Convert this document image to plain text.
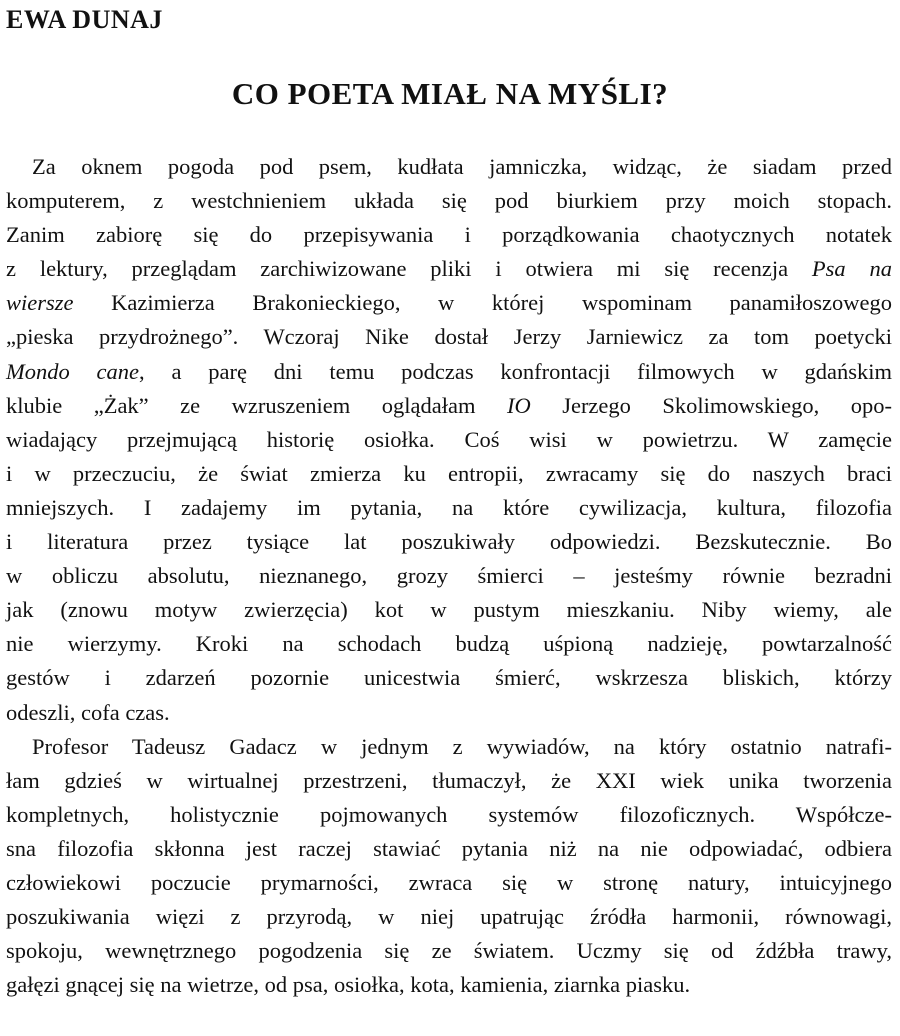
EWA DUNAJ
CO POETA MIAŁ NA MYŚLI?
Za oknem pogoda pod psem, kudłata jamniczka, widząc, że siadam przed
komputerem, z westchnieniem układa się pod biurkiem przy moich stopach.
Zanim zabiorę się do przepisywania i porządkowania chaotycznych notatek
z lektury, przeglądam zarchiwizowane pliki i otwiera mi się recenzja Psa na
wiersze Kazimierza Brakonieckiego, w której wspominam panamiłoszowego
„pieska przydrożnego”. Wczoraj Nike dostał Jerzy Jarniewicz za tom poetycki
Mondo cane, a parę dni temu podczas konfrontacji filmowych w gdańskim
klubie „Żak” ze wzruszeniem oglądałam IO Jerzego Skolimowskiego, opo-
wiadający przejmującą historię osiołka. Coś wisi w powietrzu. W zamęcie
i w przeczuciu, że świat zmierza ku entropii, zwracamy się do naszych braci
mniejszych. I zadajemy im pytania, na które cywilizacja, kultura, filozofia
i literatura przez tysiące lat poszukiwały odpowiedzi. Bezskutecznie. Bo
w obliczu absolutu, nieznanego, grozy śmierci – jesteśmy równie bezradni
jak (znowu motyw zwierzęcia) kot w pustym mieszkaniu. Niby wiemy, ale
nie wierzymy. Kroki na schodach budzą uśpioną nadzieję, powtarzalność
gestów i zdarzeń pozornie unicestwia śmierć, wskrzesza bliskich, którzy
odeszli, cofa czas.
Profesor Tadeusz Gadacz w jednym z wywiadów, na który ostatnio natrafi-
łam gdzieś w wirtualnej przestrzeni, tłumaczył, że XXI wiek unika tworzenia
kompletnych, holistycznie pojmowanych systemów filozoficznych. Współcze-
sna filozofia skłonna jest raczej stawiać pytania niż na nie odpowiadać, odbiera
człowiekowi poczucie prymarności, zwraca się w stronę natury, intuicyjnego
poszukiwania więzi z przyrodą, w niej upatrując źródła harmonii, równowagi,
spokoju, wewnętrznego pogodzenia się ze światem. Uczmy się od źdźbła trawy,
gałęzi gnącej się na wietrze, od psa, osiołka, kota, kamienia, ziarnka piasku.
